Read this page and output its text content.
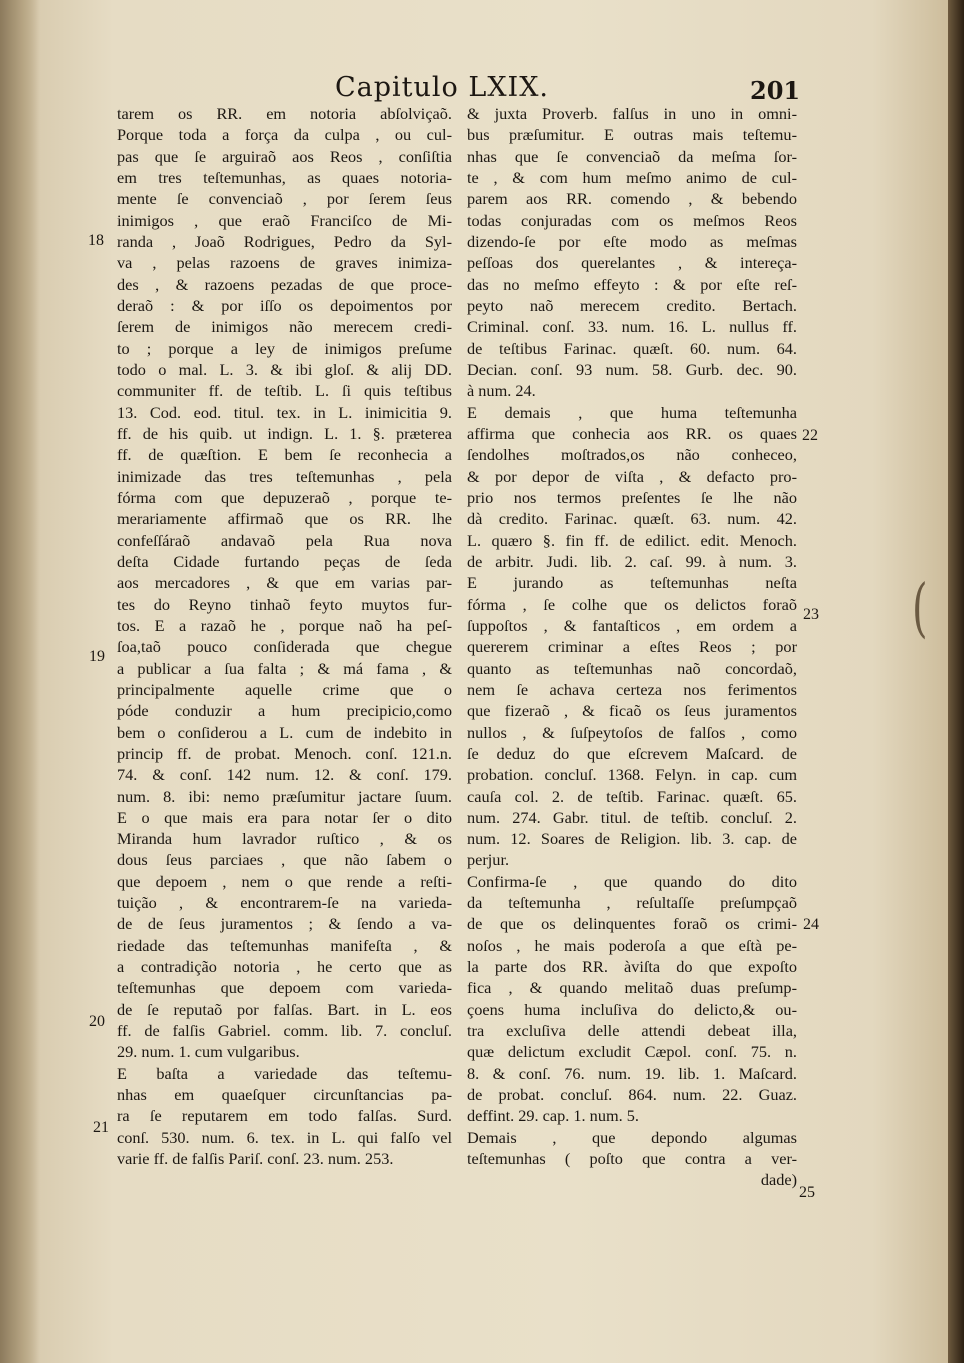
Capitulo LXIX.	201
tarem os RR. em notoria abſolviçaõ.
Porque toda a força da culpa , ou cul-
pas que ſe arguiraõ aos Reos , conſiſtia
em tres teſtemunhas, as quaes notoria-
mente ſe convenciaõ , por ſerem ſeus
inimigos , que eraõ Franciſco de Mi-
randa , Joaõ Rodrigues, Pedro da Syl-
va , pelas razoens de graves inimiza-
des , & razoens pezadas de que proce-
deraõ : & por iſſo os depoimentos por
ſerem de inimigos não merecem credi-
to ; porque a ley de inimigos preſume
todo o mal. L. 3. & ibi gloſ. & alij DD.
communiter ff. de teſtib. L. ſi quis teſtibus
13. Cod. eod. titul. tex. in L. inimicitia 9.
ff. de his quib. ut indign. L. 1. §. præterea
ff. de quæſtion. E bem ſe reconhecia a
inimizade das tres teſtemunhas , pela
fórma com que depuzeraõ , porque te-
merariamente affirmaõ que os RR. lhe
confeſſáraõ andavaõ pela Rua nova
deſta Cidade furtando peças de ſeda
aos mercadores , & que em varias par-
tes do Reyno tinhaõ feyto muytos fur-
tos. E a razaõ he , porque naõ ha peſ-
ſoa,taõ pouco conſiderada que chegue
a publicar a ſua falta ; & má fama , &
principalmente aquelle crime que o
póde conduzir a hum precipicio,como
bem o conſiderou a L. cum de indebito in
princip ff. de probat. Menoch. conſ. 121.n.
74. & conſ. 142 num. 12. & conſ. 179.
num. 8. ibi: nemo præſumitur jactare ſuum.
E o que mais era para notar ſer o dito
Miranda hum lavrador ruſtico , & os
dous ſeus parciaes , que não ſabem o
que depoem , nem o que rende a reſti-
tuição , & encontrarem-ſe na varieda-
de de ſeus juramentos ; & ſendo a va-
riedade das teſtemunhas manifeſta , &
a contradição notoria , he certo que as
teſtemunhas que depoem com varieda-
de ſe reputaõ por falſas. Bart. in L. eos
ff. de falſis Gabriel. comm. lib. 7. concluſ.
29. num. 1. cum vulgaribus.
E baſta a variedade das teſtemu-
nhas em quaeſquer circunſtancias pa-
ra ſe reputarem em todo falſas. Surd.
conſ. 530. num. 6. tex. in L. qui falſo vel
varie ff. de falſis Pariſ. conſ. 23. num. 253.
& juxta Proverb. falſus in uno in omni-
bus præſumitur. E outras mais teſtemu-
nhas que ſe convenciaõ da meſma ſor-
te , & com hum meſmo animo de cul-
parem aos RR. comendo , & bebendo
todas conjuradas com os meſmos Reos
dizendo-ſe por eſte modo as meſmas
peſſoas dos querelantes , & intereça-
das no meſmo effeyto : & por eſte reſ-
peyto naõ merecem credito. Bertach.
Criminal. conſ. 33. num. 16. L. nullus ff.
de teſtibus Farinac. quæſt. 60. num. 64.
Decian. conſ. 93 num. 58. Gurb. dec. 90.
à num. 24.
E demais , que huma teſtemunha
affirma que conhecia aos RR. os quaes
ſendolhes moſtrados,os não conheceo,
& por depor de viſta , & defacto pro-
prio nos termos preſentes ſe lhe não
dà credito. Farinac. quæſt. 63. num. 42.
L. quæro §. fin ff. de edilict. edit. Menoch.
de arbitr. Judi. lib. 2. caſ. 99. à num. 3.
E jurando as teſtemunhas neſta
fórma , ſe colhe que os delictos foraõ
ſuppoſtos , & fantaſticos , em ordem a
quererem criminar a eſtes Reos ; por
quanto as teſtemunhas naõ concordaõ,
nem ſe achava certeza nos ferimentos
que fizeraõ , & ficaõ os ſeus juramentos
nullos , & ſuſpeytoſos de falſos , como
ſe deduz do que eſcrevem Maſcard. de
probation. concluſ. 1368. Felyn. in cap. cum
cauſa col. 2. de teſtib. Farinac. quæſt. 65.
num. 274. Gabr. titul. de teſtib. concluſ. 2.
num. 12. Soares de Religion. lib. 3. cap. de
perjur.
Confirma-ſe , que quando do dito
da teſtemunha , reſultaſſe preſumpçaõ
de que os delinquentes foraõ os crimi-
noſos , he mais poderoſa a que eſtà pe-
la parte dos RR. àviſta do que expoſto
fica , & quando melitaõ duas preſump-
çoens huma incluſiva do delicto,& ou-
tra excluſiva delle attendi debeat illa,
quæ delictum excludit Cæpol. conſ. 75. n.
8. & conſ. 76. num. 19. lib. 1. Maſcard.
de probat. concluſ. 864. num. 22. Guaz.
deffint. 29. cap. 1. num. 5.
Demais , que depondo algumas
teſtemunhas ( poſto que contra a ver-
dade)
18
19
20
21
22
23
24
25
(
